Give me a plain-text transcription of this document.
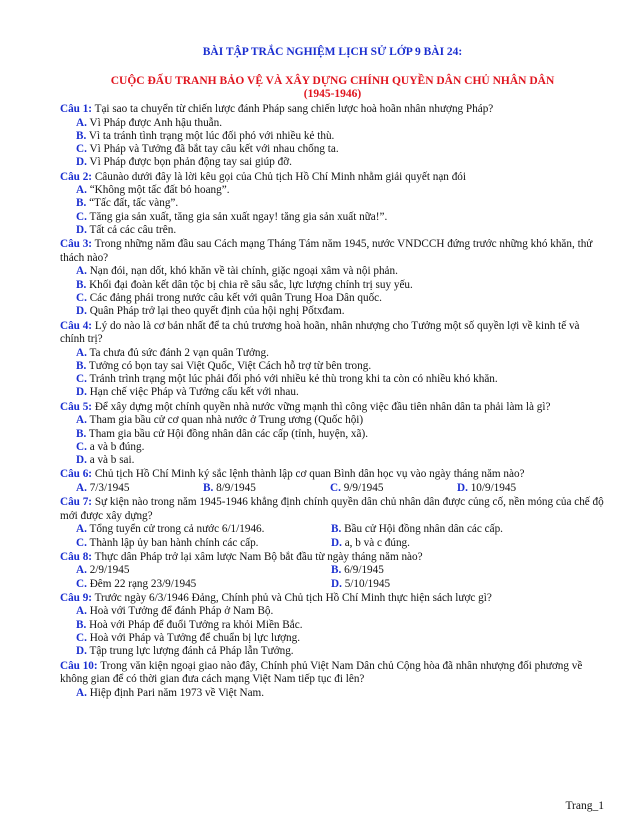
BÀI TẬP TRẮC NGHIỆM LỊCH SỬ LỚP 9 BÀI 24:
CUỘC ĐẤU TRANH BẢO VỆ VÀ XÂY DỰNG CHÍNH QUYỀN DÂN CHỦ NHÂN DÂN
(1945-1946)
Câu 1: Tại sao ta chuyển từ chiến lược đánh Pháp sang chiến lược hoà hoãn nhân nhượng Pháp?
A. Vì Pháp được Anh hậu thuẫn.
B. Vì ta tránh tình trạng một lúc đối phó với nhiều kẻ thù.
C. Vì Pháp và Tưởng đã bắt tay câu kết với nhau chống ta.
D. Vì Pháp được bọn phản động tay sai giúp đỡ.
Câu 2: Câunào dưới đây là lời kêu gọi của Chủ tịch Hồ Chí Minh nhằm giải quyết nạn đói
A. “Không một tấc đất bỏ hoang”.
B. “Tấc đất, tấc vàng”.
C. Tăng gia sản xuất, tăng gia sản xuất ngay! tăng gia sản xuất nữa!”.
D. Tất cả các câu trên.
Câu 3: Trong những năm đầu sau Cách mạng Tháng Tám năm 1945, nước VNDCCH đứng trước những khó khăn, thử thách nào?
A. Nạn đói, nạn dốt, khó khăn về tài chính, giặc ngoại xâm và nội phản.
B. Khối đại đoàn kết dân tộc bị chia rẽ sâu sắc, lực lượng chính trị suy yếu.
C. Các đảng phái trong nước câu kết với quân Trung Hoa Dân quốc.
D. Quân Pháp trở lại theo quyết định của hội nghị Pốtxđam.
Câu 4: Lý do nào là cơ bản nhất để ta chủ trương hoà hoãn, nhân nhượng cho Tưởng một số quyền lợi về kinh tế và chính trị?
A. Ta chưa đủ sức đánh 2 vạn quân Tưởng.
B. Tưởng có bọn tay sai Việt Quốc, Việt Cách hỗ trợ từ bên trong.
C. Tránh trình trạng một lúc phải đối phó với nhiều kẻ thù trong khi ta còn có nhiều khó khăn.
D. Hạn chế việc Pháp và Tưởng cấu kết với nhau.
Câu 5: Để xây dựng một chính quyền nhà nước vững mạnh thì công việc đầu tiên nhân dân ta phải làm là gì?
A. Tham gia bầu cử cơ quan nhà nước ở Trung ương (Quốc hội)
B. Tham gia bầu cử Hội đồng nhân dân các cấp (tỉnh, huyện, xã).
C. a và b đúng.
D. a và b sai.
Câu 6: Chủ tịch Hồ Chí Minh ký sắc lệnh thành lập cơ quan Bình dân học vụ vào ngày tháng năm nào?
A. 7/3/1945	B. 8/9/1945	C. 9/9/1945	D. 10/9/1945
Câu 7: Sự kiện nào trong năm 1945-1946 khẳng định chính quyền dân chủ nhân dân được củng cố, nền móng của chế độ mới được xây dựng?
A. Tổng tuyển cử trong cả nước 6/1/1946.	B. Bầu cử Hội đồng nhân dân các cấp.
C. Thành lập ủy ban hành chính các cấp.	D. a, b và c đúng.
Câu 8: Thực dân Pháp trở lại xâm lược Nam Bộ bắt đầu từ ngày tháng năm nào?
A. 2/9/1945	B. 6/9/1945
C. Đêm 22 rạng 23/9/1945	D. 5/10/1945
Câu 9: Trước ngày 6/3/1946 Đảng, Chính phủ và Chủ tịch Hồ Chí Minh thực hiện sách lược gì?
A. Hoà với Tưởng để đánh Pháp ở Nam Bộ.
B. Hoà với Pháp để đuổi Tưởng ra khỏi Miền Bắc.
C. Hoà với Pháp và Tưởng để chuẩn bị lực lượng.
D. Tập trung lực lượng đánh cả Pháp lẫn Tưởng.
Câu 10: Trong văn kiện ngoại giao nào đây, Chính phủ Việt Nam Dân chủ Cộng hòa đã nhân nhượng đối phương về không gian để có thời gian đưa cách mạng Việt Nam tiếp tục đi lên?
A. Hiệp định Pari năm 1973 về Việt Nam.
Trang_1
